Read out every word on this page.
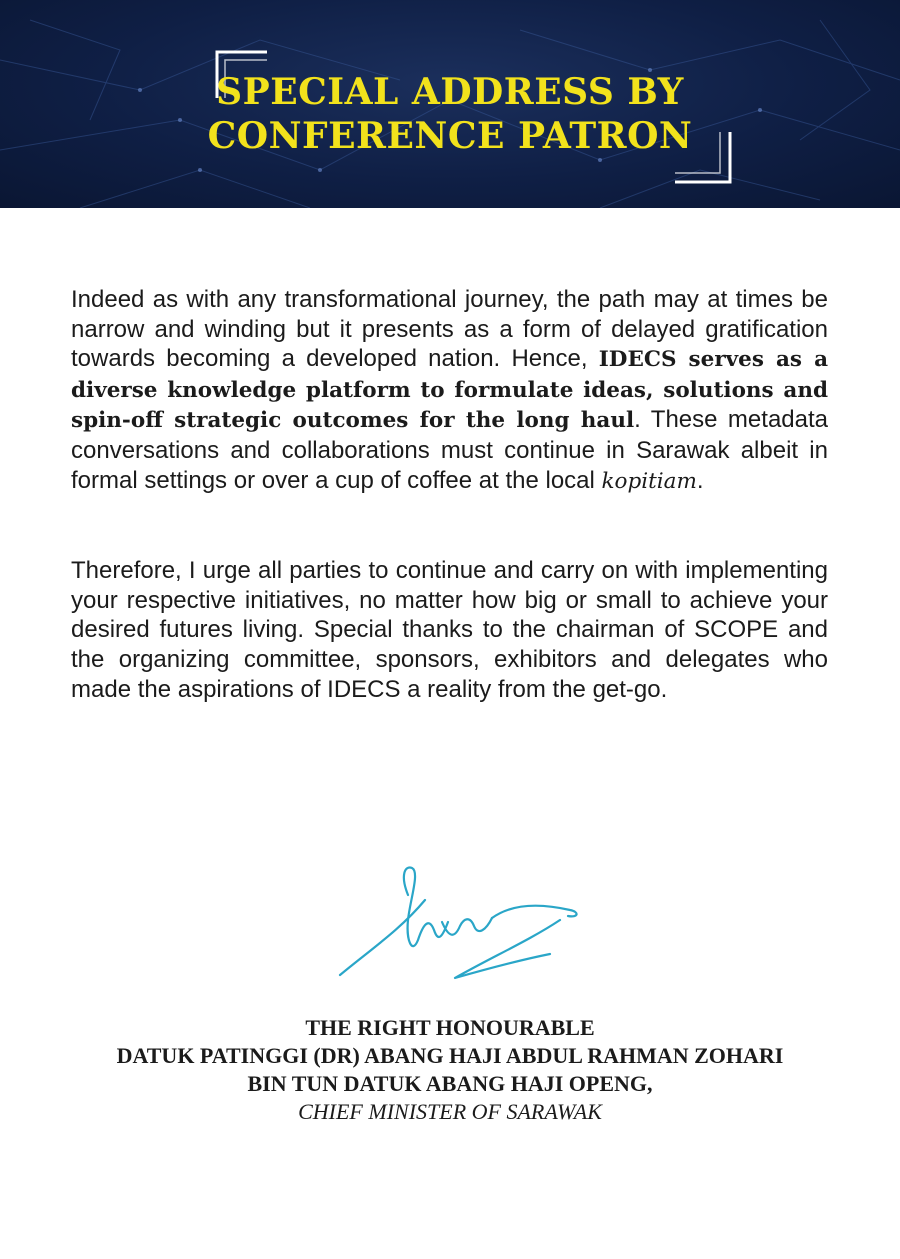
SPECIAL ADDRESS BY
CONFERENCE PATRON

Indeed as with any transformational journey, the path may at times be narrow and winding but it presents as a form of delayed gratification towards becoming a developed nation. Hence, IDECS serves as a diverse knowledge platform to formulate ideas, solutions and spin-off strategic outcomes for the long haul. These metadata conversations and collaborations must continue in Sarawak albeit in formal settings or over a cup of coffee at the local kopitiam.

Therefore, I urge all parties to continue and carry on with implementing your respective initiatives, no matter how big or small to achieve your desired futures living. Special thanks to the chairman of SCOPE and the organizing committee, sponsors, exhibitors and delegates who made the aspirations of IDECS a reality from the get-go.

THE RIGHT HONOURABLE
DATUK PATINGGI (DR) ABANG HAJI ABDUL RAHMAN ZOHARI
BIN TUN DATUK ABANG HAJI OPENG,
CHIEF MINISTER OF SARAWAK
